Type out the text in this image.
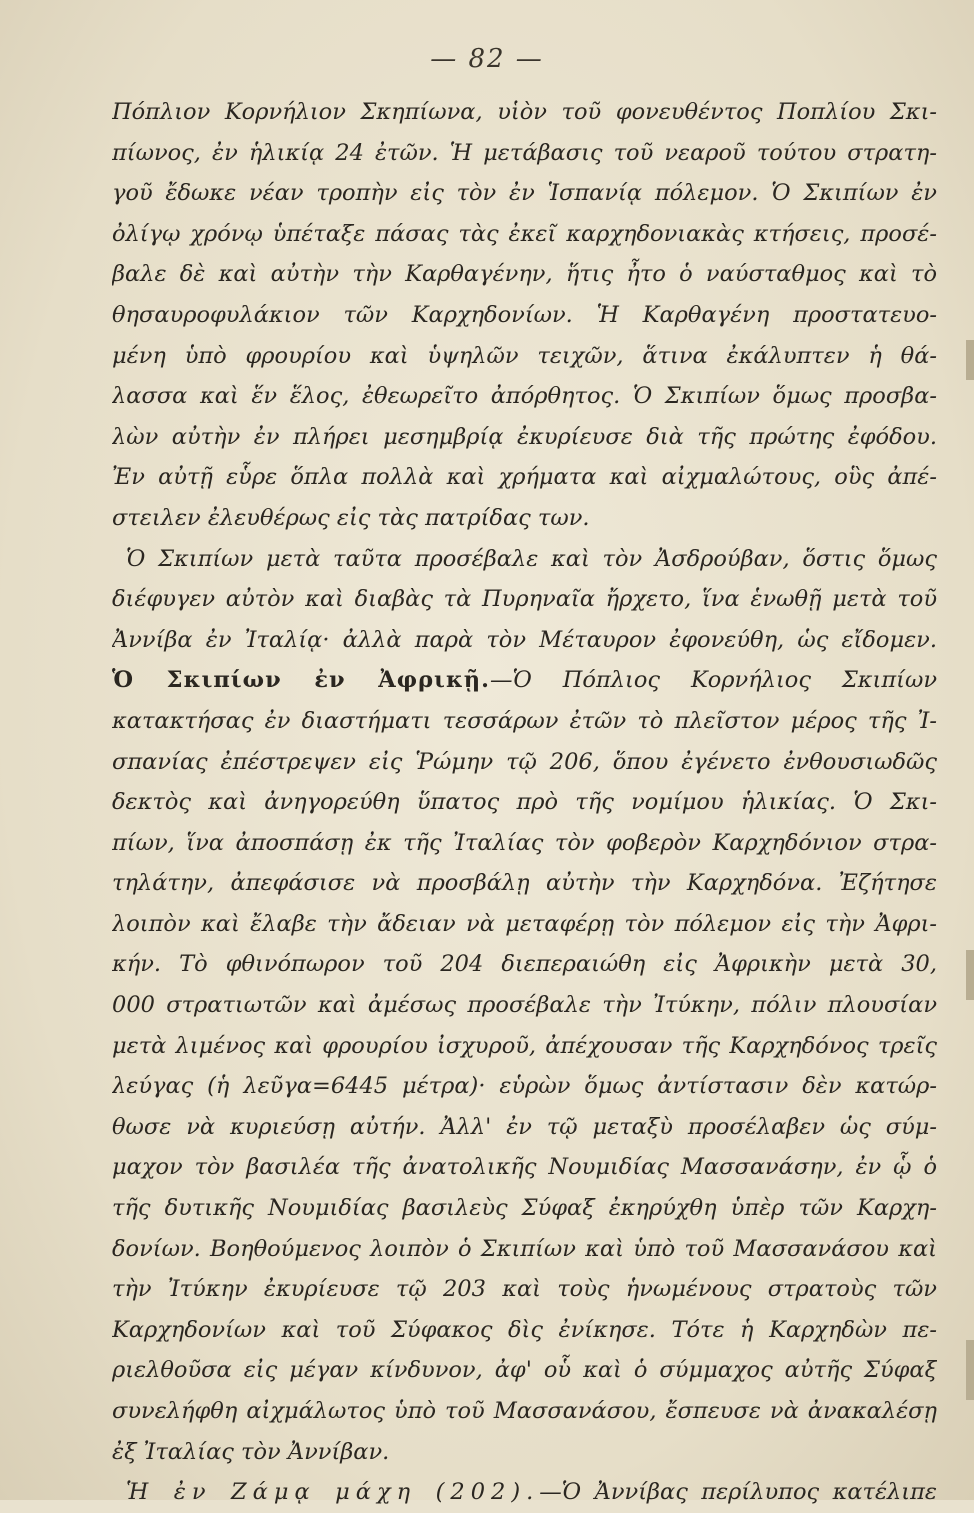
— 82 —
Πόπλιον Κορνήλιον Σκηπίωνα, υἱὸν τοῦ φονευθέντος Ποπλίου Σκι-
πίωνος, ἐν ἡλικίᾳ 24 ἐτῶν. Ἡ μετάβασις τοῦ νεαροῦ τούτου στρατη-
γοῦ ἔδωκε νέαν τροπὴν εἰς τὸν ἐν Ἱσπανίᾳ πόλεμον. Ὁ Σκιπίων ἐν
ὀλίγῳ χρόνῳ ὑπέταξε πάσας τὰς ἐκεῖ καρχηδονιακὰς κτήσεις, προσέ-
βαλε δὲ καὶ αὐτὴν τὴν Καρθαγένην, ἥτις ἦτο ὁ ναύσταθμος καὶ τὸ
θησαυροφυλάκιον τῶν Καρχηδονίων. Ἡ Καρθαγένη προστατευο-
μένη ὑπὸ φρουρίου καὶ ὑψηλῶν τειχῶν, ἅτινα ἐκάλυπτεν ἡ θά-
λασσα καὶ ἕν ἕλος, ἐθεωρεῖτο ἀπόρθητος. Ὁ Σκιπίων ὅμως προσβα-
λὼν αὐτὴν ἐν πλήρει μεσημβρίᾳ ἐκυρίευσε διὰ τῆς πρώτης ἐφόδου.
Ἐν αὐτῇ εὗρε ὅπλα πολλὰ καὶ χρήματα καὶ αἰχμαλώτους, οὓς ἀπέ-
στειλεν ἐλευθέρως εἰς τὰς πατρίδας των.
Ὁ Σκιπίων μετὰ ταῦτα προσέβαλε καὶ τὸν Ἀσδρούβαν, ὅστις ὅμως
διέφυγεν αὐτὸν καὶ διαβὰς τὰ Πυρηναῖα ἤρχετο, ἵνα ἑνωθῇ μετὰ τοῦ
Ἀννίβα ἐν Ἰταλίᾳ· ἀλλὰ παρὰ τὸν Μέταυρον ἐφονεύθη, ὡς εἴδομεν.
Ὁ Σκιπίων ἐν Ἀφρικῇ.—Ὁ Πόπλιος Κορνήλιος Σκιπίων
κατακτήσας ἐν διαστήματι τεσσάρων ἐτῶν τὸ πλεῖστον μέρος τῆς Ἰ-
σπανίας ἐπέστρεψεν εἰς Ῥώμην τῷ 206, ὅπου ἐγένετο ἐνθουσιωδῶς
δεκτὸς καὶ ἀνηγορεύθη ὕπατος πρὸ τῆς νομίμου ἡλικίας. Ὁ Σκι-
πίων, ἵνα ἀποσπάσῃ ἐκ τῆς Ἰταλίας τὸν φοβερὸν Καρχηδόνιον στρα-
τηλάτην, ἀπεφάσισε νὰ προσβάλῃ αὐτὴν τὴν Καρχηδόνα. Ἐζήτησε
λοιπὸν καὶ ἔλαβε τὴν ἄδειαν νὰ μεταφέρῃ τὸν πόλεμον εἰς τὴν Ἀφρι-
κήν. Τὸ φθινόπωρον τοῦ 204 διεπεραιώθη εἰς Ἀφρικὴν μετὰ 30,
000 στρατιωτῶν καὶ ἀμέσως προσέβαλε τὴν Ἰτύκην, πόλιν πλουσίαν
μετὰ λιμένος καὶ φρουρίου ἰσχυροῦ, ἀπέχουσαν τῆς Καρχηδόνος τρεῖς
λεύγας (ἡ λεῦγα=6445 μέτρα)· εὑρὼν ὅμως ἀντίστασιν δὲν κατώρ-
θωσε νὰ κυριεύσῃ αὐτήν. Ἀλλ' ἐν τῷ μεταξὺ προσέλαβεν ὡς σύμ-
μαχον τὸν βασιλέα τῆς ἀνατολικῆς Νουμιδίας Μασσανάσην, ἐν ᾧ ὁ
τῆς δυτικῆς Νουμιδίας βασιλεὺς Σύφαξ ἐκηρύχθη ὑπὲρ τῶν Καρχη-
δονίων. Βοηθούμενος λοιπὸν ὁ Σκιπίων καὶ ὑπὸ τοῦ Μασσανάσου καὶ
τὴν Ἰτύκην ἐκυρίευσε τῷ 203 καὶ τοὺς ἡνωμένους στρατοὺς τῶν
Καρχηδονίων καὶ τοῦ Σύφακος δὶς ἐνίκησε. Τότε ἡ Καρχηδὼν πε-
ριελθοῦσα εἰς μέγαν κίνδυνον, ἀφ' οὗ καὶ ὁ σύμμαχος αὐτῆς Σύφαξ
συνελήφθη αἰχμάλωτος ὑπὸ τοῦ Μασσανάσου, ἔσπευσε νὰ ἀνακαλέσῃ
ἐξ Ἰταλίας τὸν Ἀννίβαν.
Ἡ ἐν Ζάμᾳ μάχη (202).—Ὁ Ἀννίβας περίλυπος κατέλιπε
